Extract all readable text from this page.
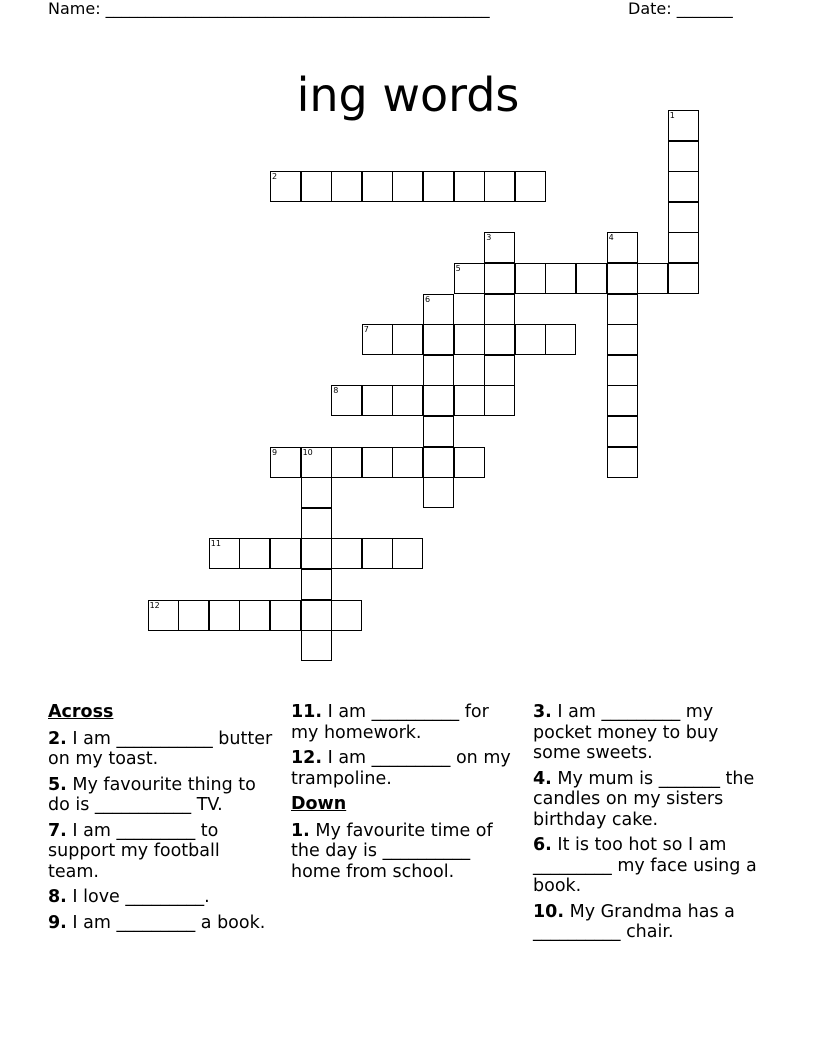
Name: ________________________________________________	Date: _______
ing words	1
2
3	4
5
6
7
8
9	10
11
12
Across
2. I am ___________ butter on my toast.
5. My favourite thing to do is ___________ TV.
7. I am _________ to support my football team.
8. I love _________.
9. I am _________ a book.
11. I am __________ for my homework.
12. I am _________ on my trampoline.
Down
1. My favourite time of the day is __________ home from school.
3. I am _________ my pocket money to buy some sweets.
4. My mum is _______ the candles on my sisters birthday cake.
6. It is too hot so I am _________ my face using a book.
10. My Grandma has a __________ chair.
